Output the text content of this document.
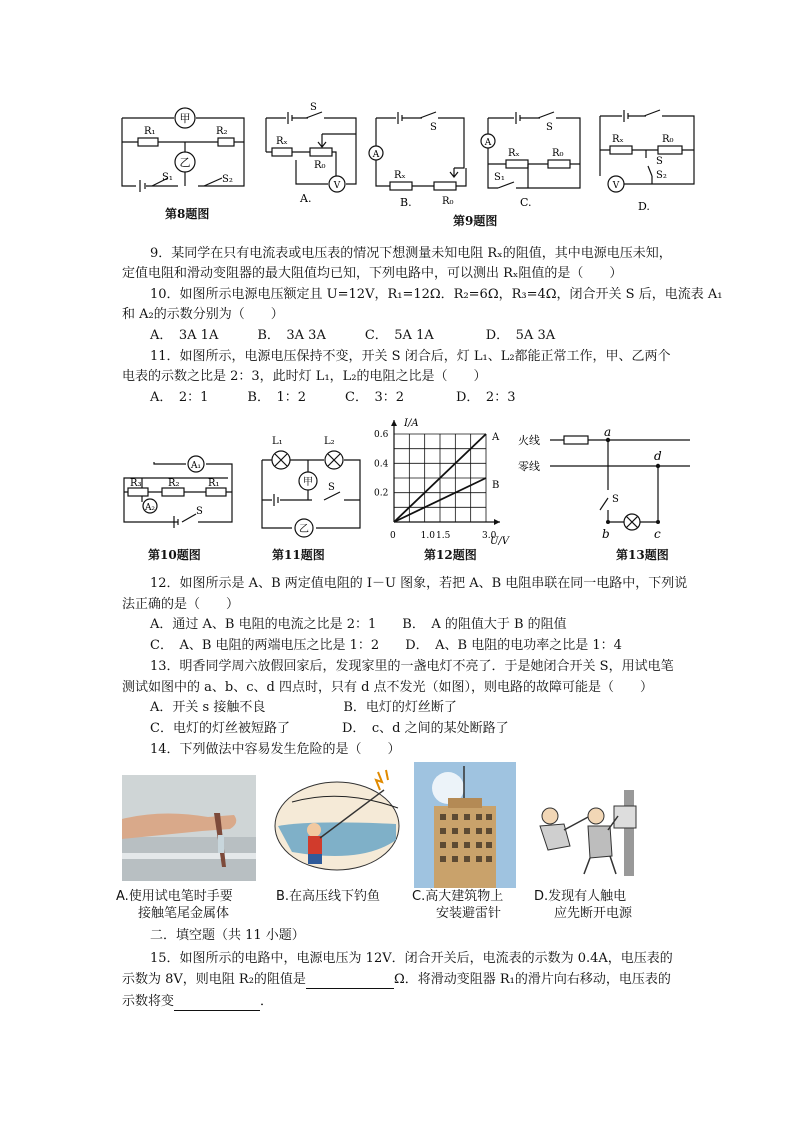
甲
乙
R₁	R₂
S₁	S₂
第8题图
S
Rₓ
R₀
V
A.
A
S
Rₓ
R₀
B.
第9题图
A
S
Rₓ	R₀
S₁
C.
Rₓ	R₀
S
S₂
V
D.
9．某同学在只有电流表或电压表的情况下想测量未知电阻 Rₓ的阻值，其中电源电压未知，
定值电阻和滑动变阻器的最大阻值均已知，下列电路中，可以测出 Rₓ阻值的是（　　）
10．如图所示电源电压额定且 U=12V，R₁=12Ω．R₂=6Ω，R₃=4Ω，闭合开关 S 后，电流表 A₁
和 A₂的示数分别为（　　）
A．　3A 1A　　　B．　3A 3A　　　C．　5A 1A　　　　D．　5A 3A
11．如图所示，电源电压保持不变，开关 S 闭合后，灯 L₁、L₂都能正常工作，甲、乙两个
电表的示数之比是 2：3，此时灯 L₁，L₂的电阻之比是（　　）
A．　2：1　　　B．　1：2　　　C．　3：2　　　　D．　2：3
A₁
A₂
R₃	R₂	R₁
S
第10题图
L₁	L₂
甲
乙
S
第11题图
I/A
U/V
0	1.0 1.5	3.0
0.2
0.4
0.6	A
B
第12题图
火线
零线
a
d
S
b	c
第13题图
12．如图所示是 A、B 两定值电阻的 I－U 图象，若把 A、B 电阻串联在同一电路中，下列说
法正确的是（　　）
A．通过 A、B 电阻的电流之比是 2：1　　B．　A 的阻值大于 B 的阻值
C．　A、B 电阻的两端电压之比是 1：2　　D．　A、B 电阻的电功率之比是 1：4
13．明香同学周六放假回家后，发现家里的一盏电灯不亮了．于是她闭合开关 S，用试电笔
测试如图中的 a、b、c、d 四点时，只有 d 点不发光（如图），则电路的故障可能是（　　）
A．开关 s 接触不良　　　　　　B．电灯的灯丝断了
C．电灯的灯丝被短路了　　　　D．　c、d 之间的某处断路了
14．下列做法中容易发生危险的是（　　）
A.使用试电笔时手要
接触笔尾金属体
B.在高压线下钓鱼 C.高大建筑物上
安装避雷针
D.发现有人触电
应先断开电源
二．填空题（共 11 小题）
15．如图所示的电路中，电源电压为 12V．闭合开关后，电流表的示数为 0.4A，电压表的
示数为 8V，则电阻 R₂的阻值是	Ω．将滑动变阻器 R₁的滑片向右移动，电压表的
示数将变	．
